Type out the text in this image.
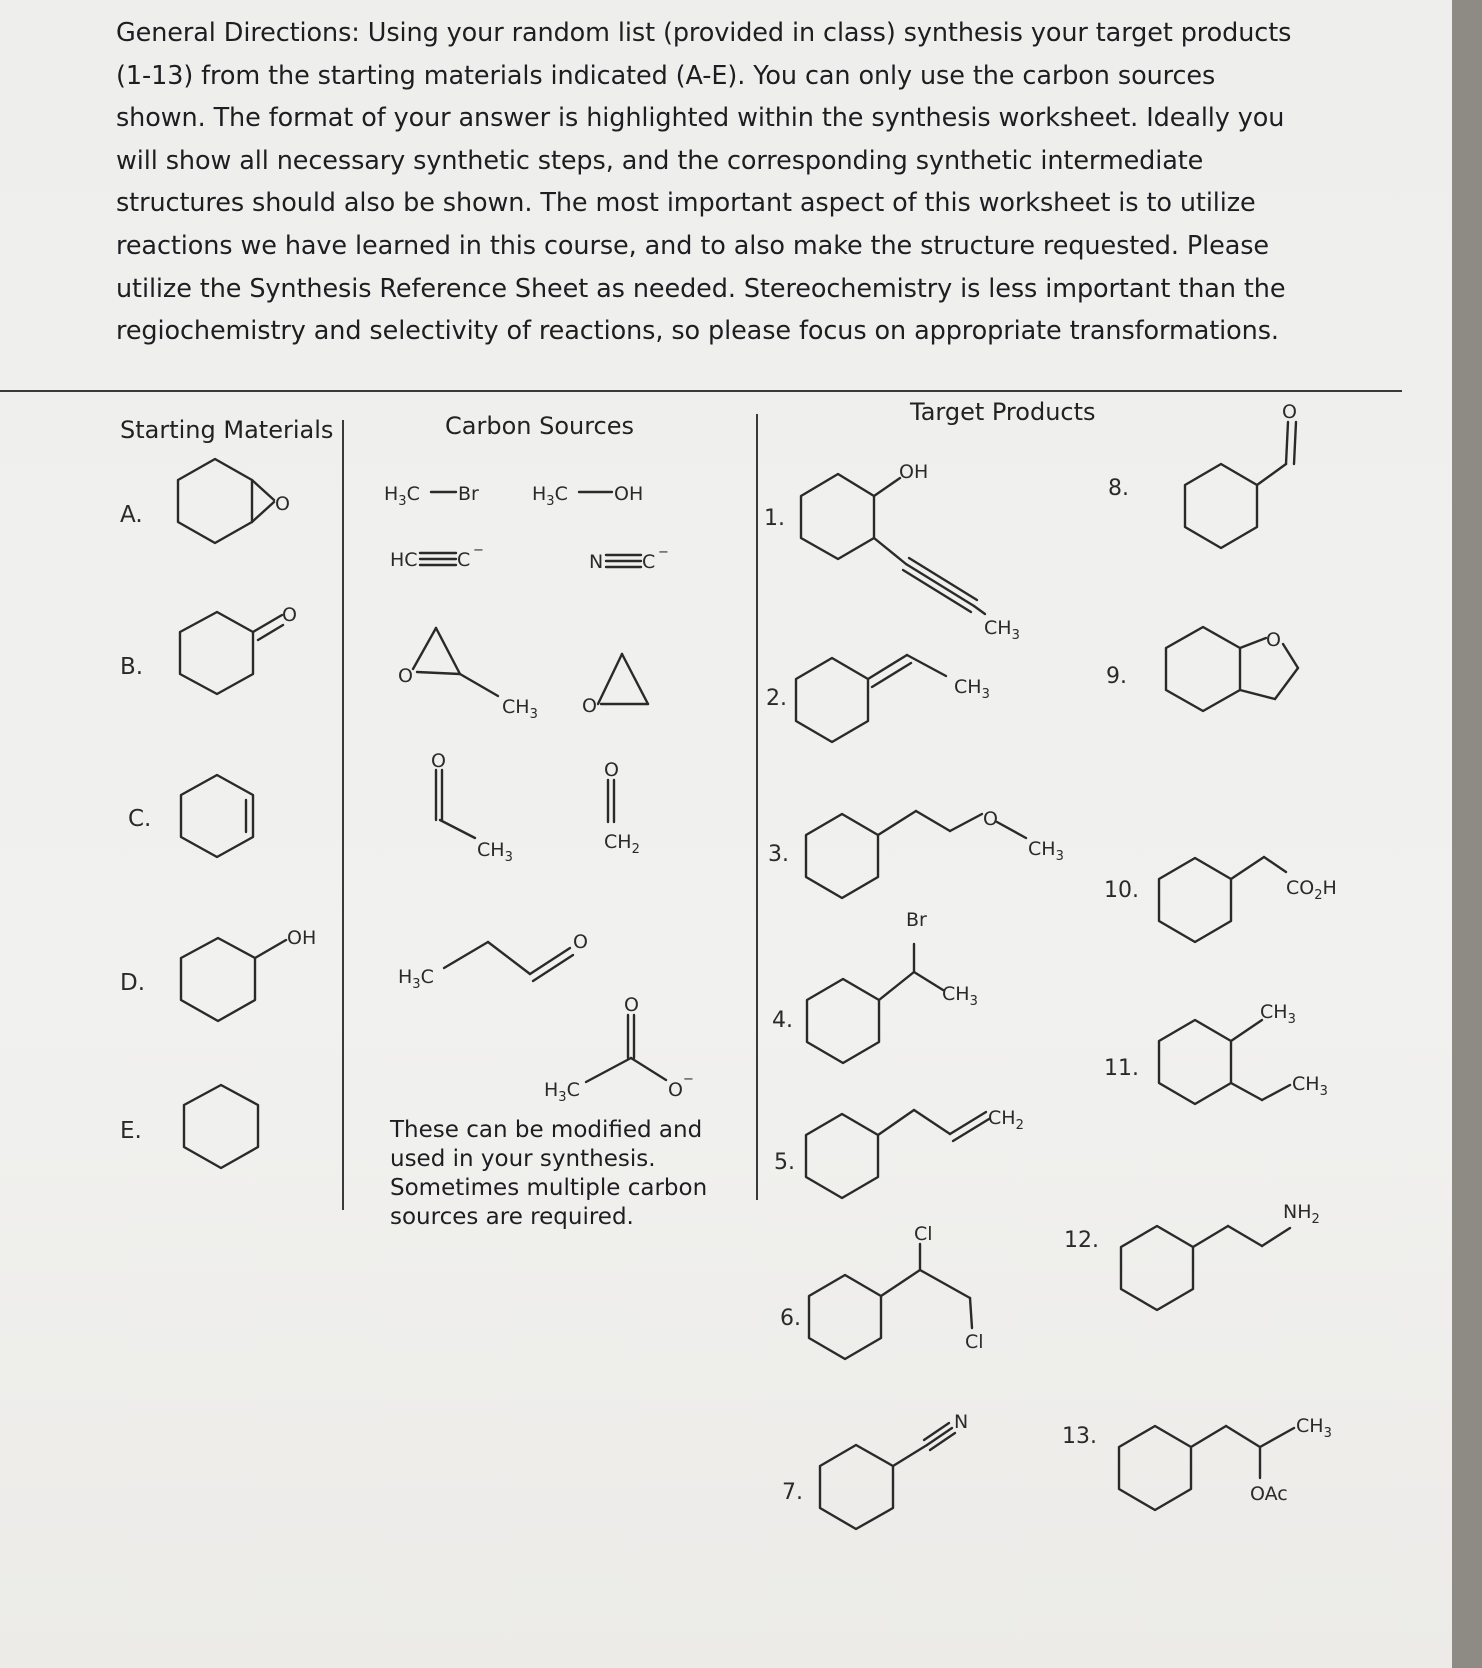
General Directions: Using your random list (provided in class) synthesis your target products (1-13) from the starting materials indicated (A-E). You can only use the carbon sources shown. The format of your answer is highlighted within the synthesis worksheet. Ideally you will show all necessary synthetic steps, and the corresponding synthetic intermediate structures should also be shown. The most important aspect of this worksheet is to utilize reactions we have learned in this course, and to also make the structure requested. Please utilize the Synthesis Reference Sheet as needed. Stereochemistry is less important than the regiochemistry and selectivity of reactions, so please focus on appropriate transformations.

Starting Materials	Carbon Sources	Target Products
A.
B.
C.
D.
E.
1.
2.
3.
4.
5.
6.
7.
8.
9.
10.
11.
12.
13.
These can be modified and used in your synthesis. Sometimes multiple carbon sources are required.
O
O
OH
$H_3C$ Br	$H_3C$ OH
HC C −
N C −
O
$CH_3$ O
O
$CH_3$
O
$CH_2$
$H_3C$
O
O
$H_3C$	O −
OH
$CH_3$
$CH_3$
O
$CH_3$
Br
$CH_3$
$CH_2$
Cl
Cl
N
O
O
$CO_2H$
$CH_3$
$CH_3$
$NH_2$
$CH_3$
OAc
